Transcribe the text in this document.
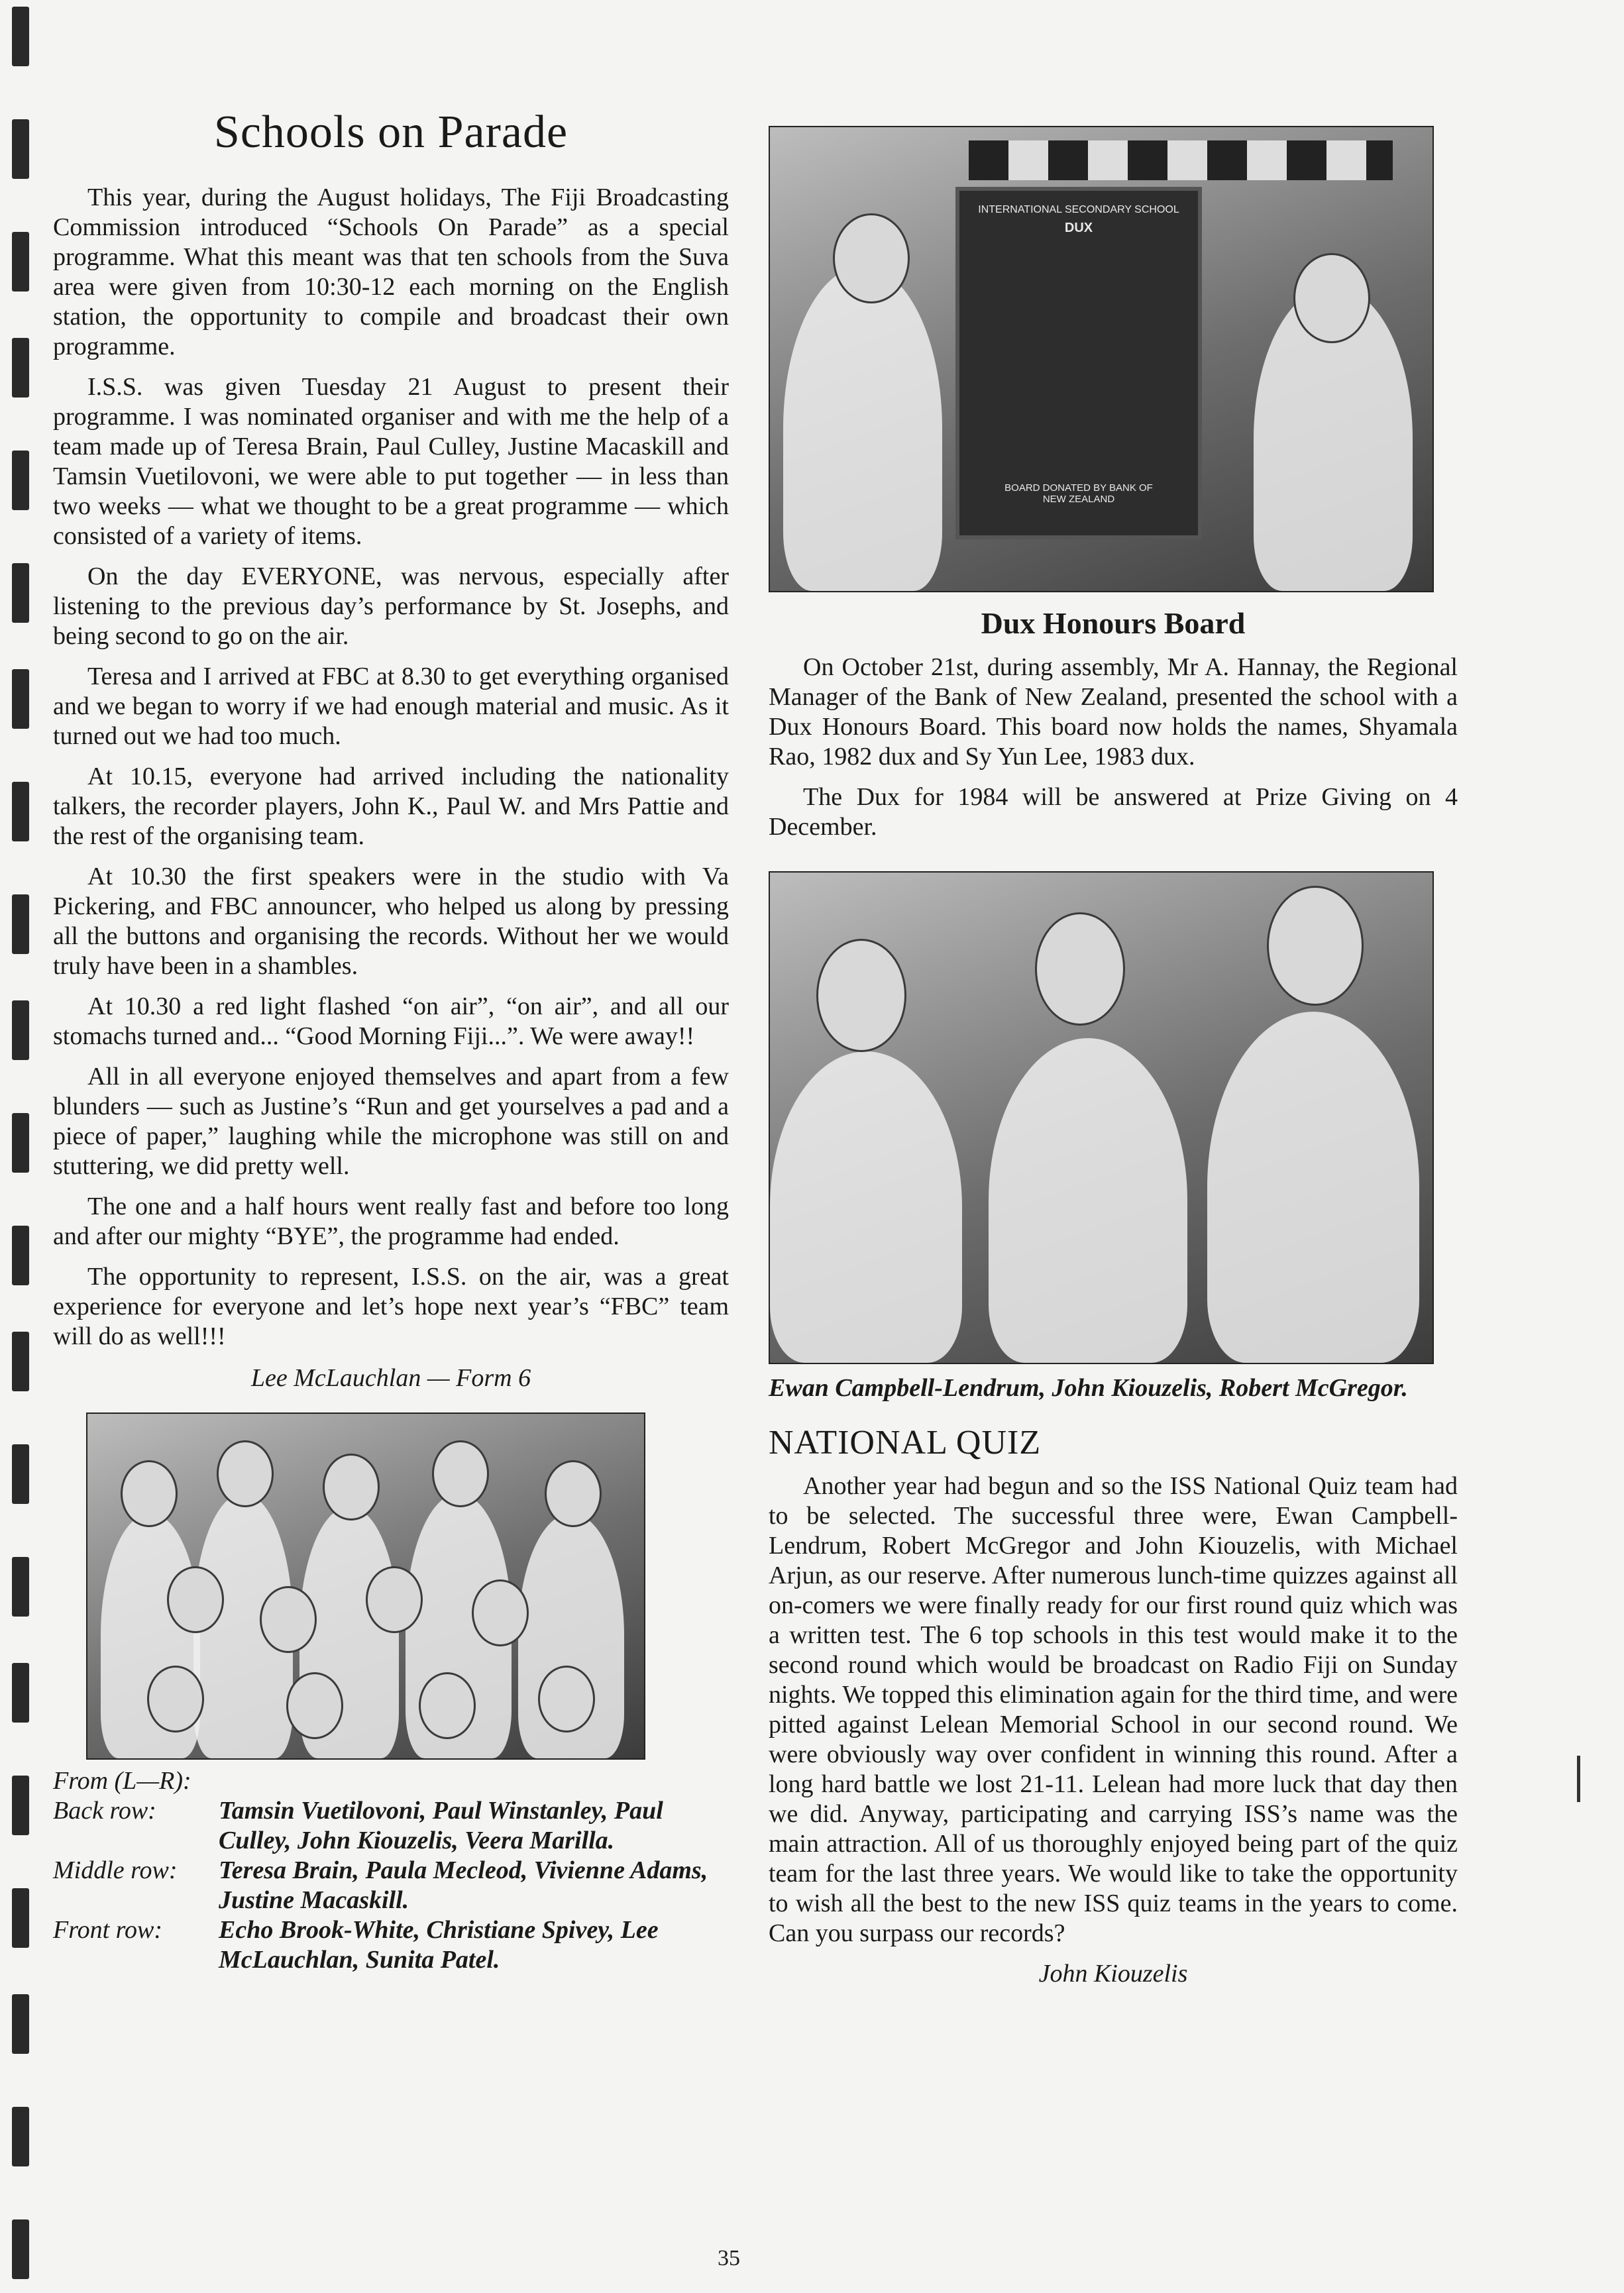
Schools on Parade

This year, during the August holidays, The Fiji Broadcasting Commission introduced “Schools On Parade” as a special programme. What this meant was that ten schools from the Suva area were given from 10:30-12 each morning on the English station, the opportunity to compile and broadcast their own programme.

I.S.S. was given Tuesday 21 August to present their programme. I was nominated organiser and with me the help of a team made up of Teresa Brain, Paul Culley, Justine Macaskill and Tamsin Vuetilovoni, we were able to put together — in less than two weeks — what we thought to be a great programme — which consisted of a variety of items.

On the day EVERYONE, was nervous, especially after listening to the previous day’s performance by St. Josephs, and being second to go on the air.

Teresa and I arrived at FBC at 8.30 to get everything organised and we began to worry if we had enough material and music. As it turned out we had too much.

At 10.15, everyone had arrived including the nationality talkers, the recorder players, John K., Paul W. and Mrs Pattie and the rest of the organising team.

At 10.30 the first speakers were in the studio with Va Pickering, and FBC announcer, who helped us along by pressing all the buttons and organising the records. Without her we would truly have been in a shambles.

At 10.30 a red light flashed “on air”, “on air”, and all our stomachs turned and... “Good Morning Fiji...”. We were away!!

All in all everyone enjoyed themselves and apart from a few blunders — such as Justine’s “Run and get yourselves a pad and a piece of paper,” laughing while the microphone was still on and stuttering, we did pretty well.

The one and a half hours went really fast and before too long and after our mighty “BYE”, the programme had ended.

The opportunity to represent, I.S.S. on the air, was a great experience for everyone and let’s hope next year’s “FBC” team will do as well!!!

Lee McLauchlan — Form 6
From (L—R):
Back row:	Tamsin Vuetilovoni, Paul Winstanley, Paul Culley, John Kiouzelis, Veera Marilla.
Middle row:	Teresa Brain, Paula Mecleod, Vivienne Adams, Justine Macaskill.
Front row:	Echo Brook-White, Christiane Spivey, Lee McLauchlan, Sunita Patel.
INTERNATIONAL SECONDARY SCHOOL
DUX
BOARD DONATED BY BANK OF NEW ZEALAND
Dux Honours Board

On October 21st, during assembly, Mr A. Hannay, the Regional Manager of the Bank of New Zealand, presented the school with a Dux Honours Board. This board now holds the names, Shyamala Rao, 1982 dux and Sy Yun Lee, 1983 dux.

The Dux for 1984 will be answered at Prize Giving on 4 December.

Ewan Campbell-Lendrum, John Kiouzelis, Robert McGregor.
NATIONAL QUIZ

Another year had begun and so the ISS National Quiz team had to be selected. The successful three were, Ewan Campbell-Lendrum, Robert McGregor and John Kiouzelis, with Michael Arjun, as our reserve. After numerous lunch-time quizzes against all on-comers we were finally ready for our first round quiz which was a written test. The 6 top schools in this test would make it to the second round which would be broadcast on Radio Fiji on Sunday nights. We topped this elimination again for the third time, and were pitted against Lelean Memorial School in our second round. We were obviously way over confident in winning this round. After a long hard battle we lost 21-11. Lelean had more luck that day then we did. Anyway, participating and carrying ISS’s name was the main attraction. All of us thoroughly enjoyed being part of the quiz team for the last three years. We would like to take the opportunity to wish all the best to the new ISS quiz teams in the years to come. Can you surpass our records?

John Kiouzelis
35
